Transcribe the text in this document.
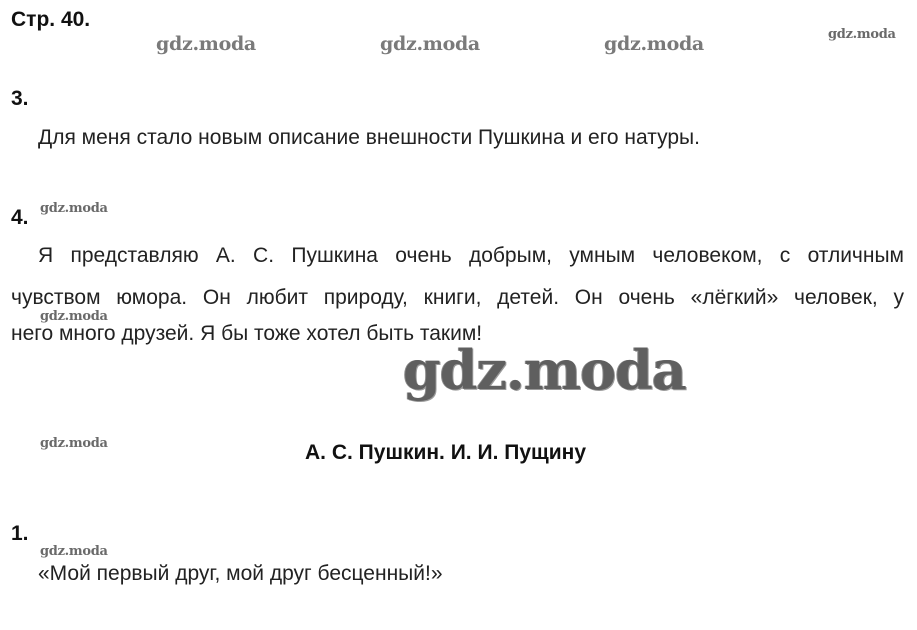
Стр. 40.
gdz.moda	gdz.moda	gdz.moda	gdz.moda
3.
Для меня стало новым описание внешности Пушкина и его натуры.
4. gdz.moda
Я представляю А. С. Пушкина очень добрым, умным человеком, с отличным
чувством юмора. Он любит природу, книги, детей. Он очень «лёгкий» человек, у
gdz.moda
него много друзей. Я бы тоже хотел быть таким!
gdz.moda
gdz.moda	А. С. Пушкин. И. И. Пущину
1.
gdz.moda
«Мой первый друг, мой друг бесценный!»
